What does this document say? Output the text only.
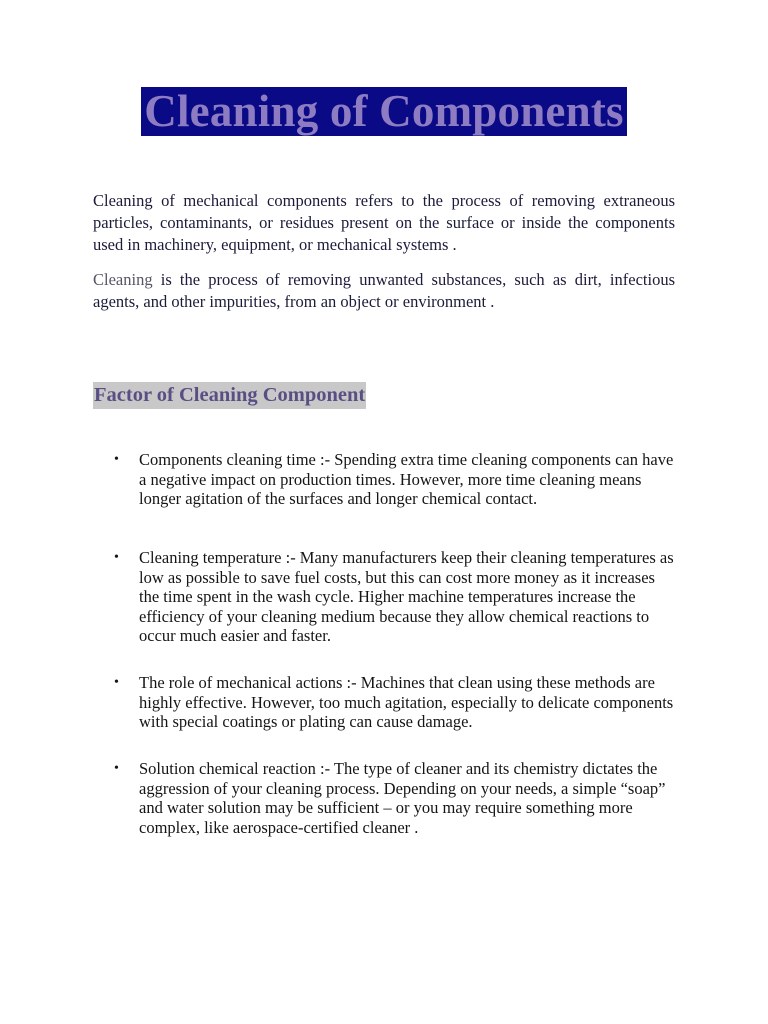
Cleaning of Components

Cleaning of mechanical components refers to the process of removing extraneous particles, contaminants, or residues present on the surface or inside the components used in machinery, equipment, or mechanical systems .

Cleaning is the process of removing unwanted substances, such as dirt, infectious agents, and other impurities, from an object or environment .

Factor of Cleaning Component
• Components cleaning time :- Spending extra time cleaning components can have a negative impact on production times. However, more time cleaning means longer agitation of the surfaces and longer chemical contact.
• Cleaning temperature :- Many manufacturers keep their cleaning temperatures as low as possible to save fuel costs, but this can cost more money as it increases the time spent in the wash cycle. Higher machine temperatures increase the efficiency of your cleaning medium because they allow chemical reactions to occur much easier and faster.
• The role of mechanical actions :- Machines that clean using these methods are highly effective. However, too much agitation, especially to delicate components with special coatings or plating can cause damage.
• Solution chemical reaction :- The type of cleaner and its chemistry dictates the aggression of your cleaning process. Depending on your needs, a simple “soap” and water solution may be sufficient – or you may require something more complex, like aerospace-certified cleaner .
